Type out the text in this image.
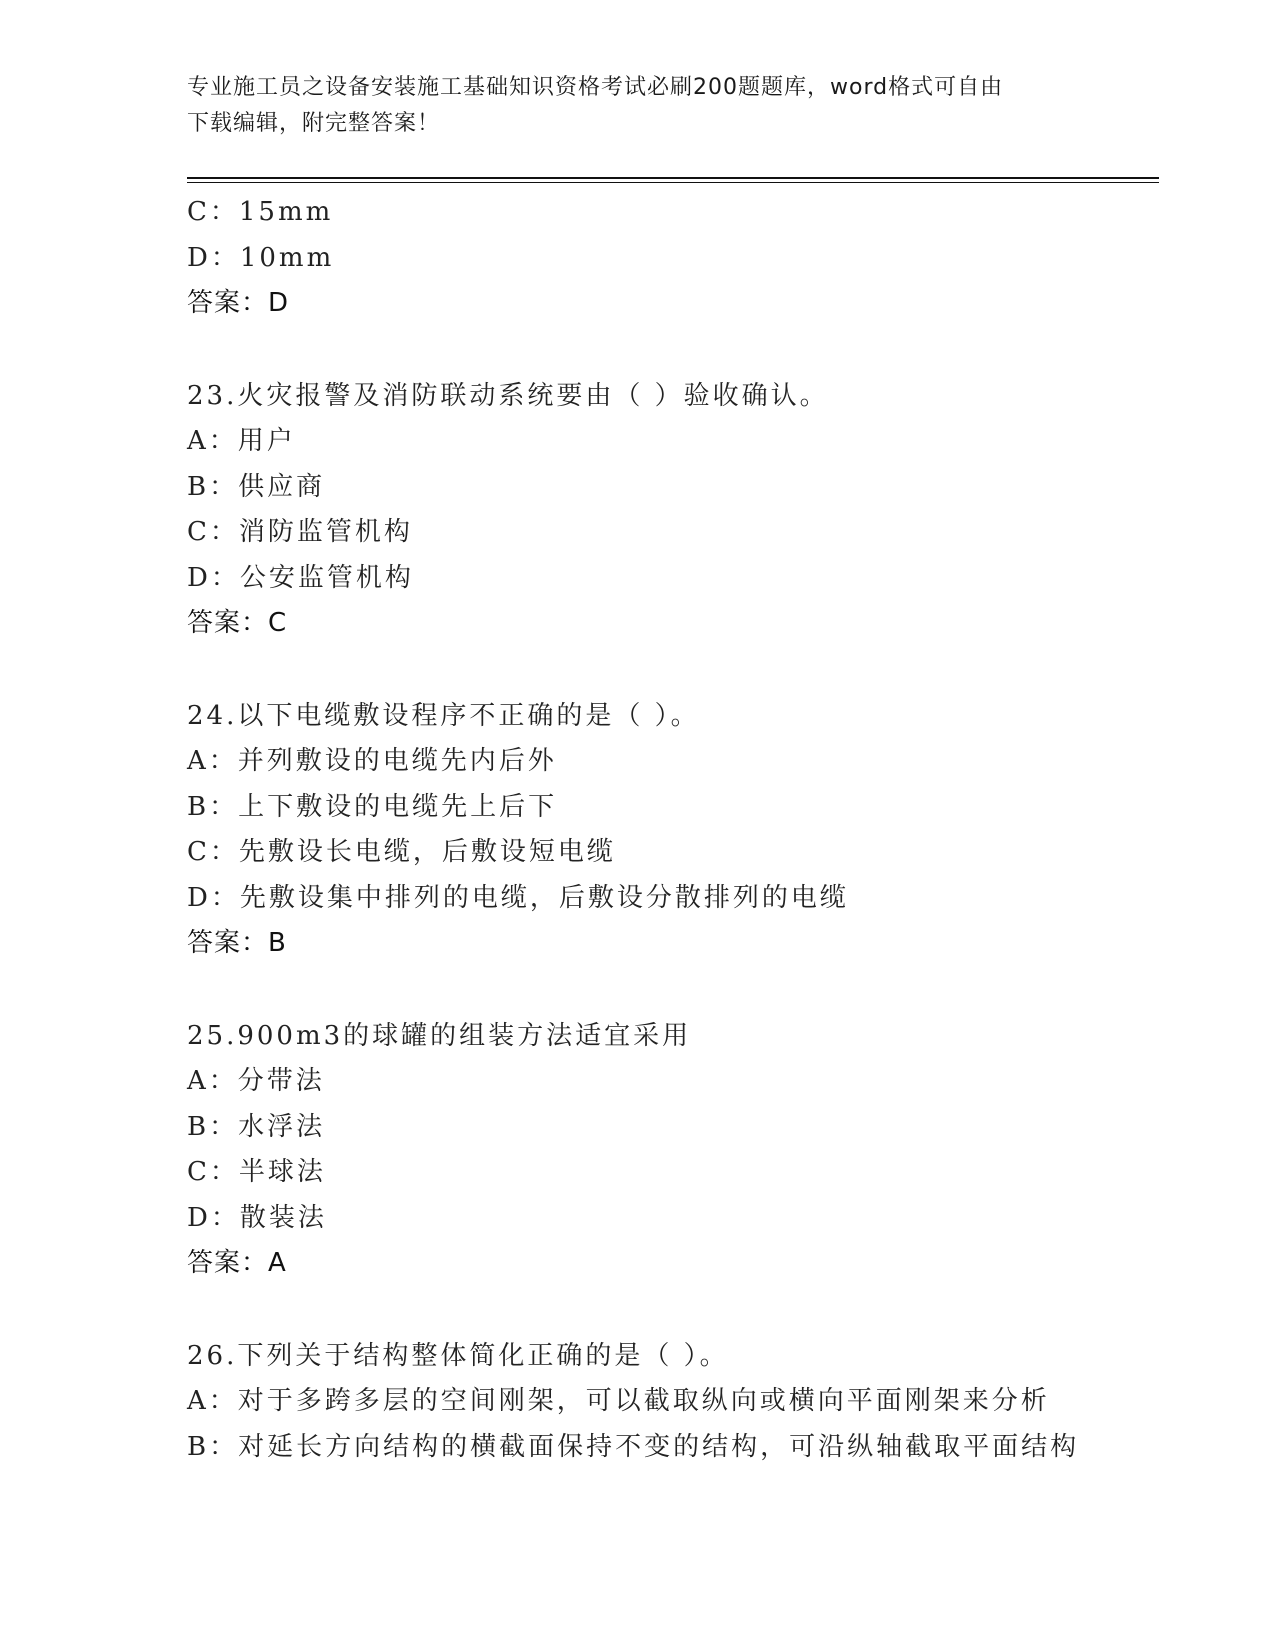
专业施工员之设备安装施工基础知识资格考试必刷200题题库，word格式可自由
下载编辑，附完整答案！
C：15mm
D：10mm
答案：D
23.火灾报警及消防联动系统要由（ ）验收确认。
A：用户
B：供应商
C：消防监管机构
D：公安监管机构
答案：C
24.以下电缆敷设程序不正确的是（ ）。
A：并列敷设的电缆先内后外
B：上下敷设的电缆先上后下
C：先敷设长电缆，后敷设短电缆
D：先敷设集中排列的电缆，后敷设分散排列的电缆
答案：B
25.900m3的球罐的组装方法适宜采用
A：分带法
B：水浮法
C：半球法
D：散装法
答案：A
26.下列关于结构整体简化正确的是（ ）。
A：对于多跨多层的空间刚架，可以截取纵向或横向平面刚架来分析
B：对延长方向结构的横截面保持不变的结构，可沿纵轴截取平面结构
